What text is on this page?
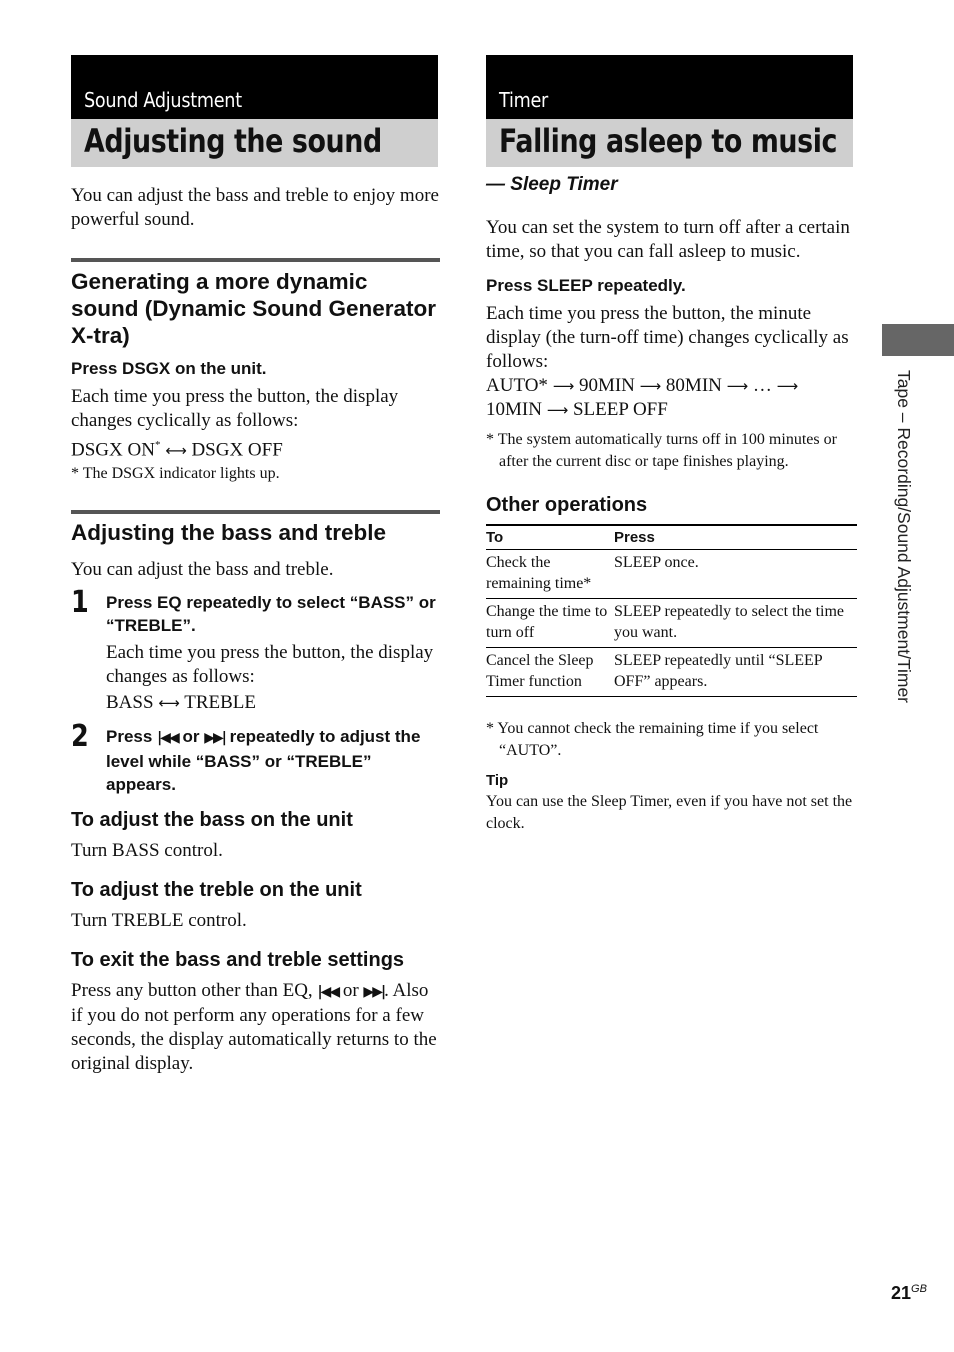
Sound Adjustment
Adjusting the sound

You can adjust the bass and treble to enjoy more powerful sound.

Generating a more dynamic sound (Dynamic Sound Generator X-tra)

Press DSGX on the unit.

Each time you press the button, the display changes cyclically as follows:

DSGX ON* ⟷ DSGX OFF

* The DSGX indicator lights up.

Adjusting the bass and treble

You can adjust the bass and treble.

1 Press EQ repeatedly to select “BASS” or “TREBLE”.

Each time you press the button, the display changes as follows:

BASS ⟷ TREBLE

2 Press |◀◀ or ▶▶| repeatedly to adjust the level while “BASS” or “TREBLE” appears.

To adjust the bass on the unit

Turn BASS control.

To adjust the treble on the unit

Turn TREBLE control.

To exit the bass and treble settings

Press any button other than EQ, |◀◀ or ▶▶|. Also if you do not perform any operations for a few seconds, the display automatically returns to the original display.

Timer
Falling asleep to music

— Sleep Timer

You can set the system to turn off after a certain time, so that you can fall asleep to music.

Press SLEEP repeatedly.

Each time you press the button, the minute display (the turn-off time) changes cyclically as follows:

AUTO* ⟶ 90MIN ⟶ 80MIN ⟶ … ⟶
10MIN ⟶ SLEEP OFF

* The system automatically turns off in 100 minutes or after the current disc or tape finishes playing.

Other operations
To	Press
Check the remaining time*	SLEEP once.
Change the time to turn off	SLEEP repeatedly to select the time you want.
Cancel the Sleep Timer function	SLEEP repeatedly until “SLEEP OFF” appears.

* You cannot check the remaining time if you select “AUTO”.

Tip

You can use the Sleep Timer, even if you have not set the clock.

Tape – Recording/Sound Adjustment/Timer
$21^{GB}$
